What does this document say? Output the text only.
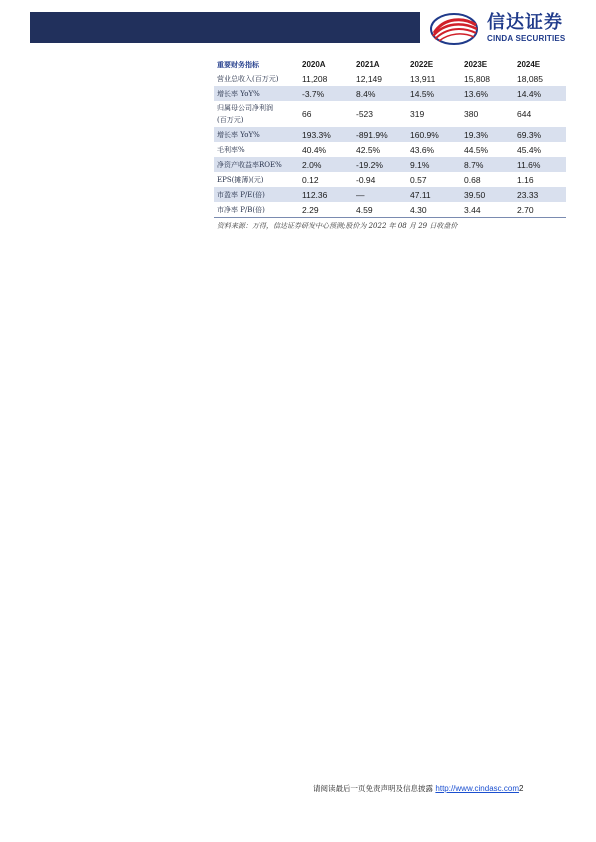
信达证券
CINDA SECURITIES
重要财务指标	2020A	2021A	2022E	2023E	2024E
营业总收入(百万元)	11,208	12,149	13,911	15,808	18,085
增长率 YoY%	-3.7%	8.4%	14.5%	13.6%	14.4%
归属母公司净利润
(百万元)	66	-523	319	380	644
增长率 YoY%	193.3%	-891.9%	160.9%	19.3%	69.3%
毛利率%	40.4%	42.5%	43.6%	44.5%	45.4%
净资产收益率ROE%	2.0%	-19.2%	9.1%	8.7%	11.6%
EPS(摊薄)(元)	0.12	-0.94	0.57	0.68	1.16
市盈率 P/E(倍)	112.36	—	47.11	39.50	23.33
市净率 P/B(倍)	2.29	4.59	4.30	3.44	2.70
资料来源：万得，信达证券研发中心预测;股价为 2022 年 08 月 29 日收盘价
请阅读最后一页免责声明及信息披露 http://www.cindasc.com2
